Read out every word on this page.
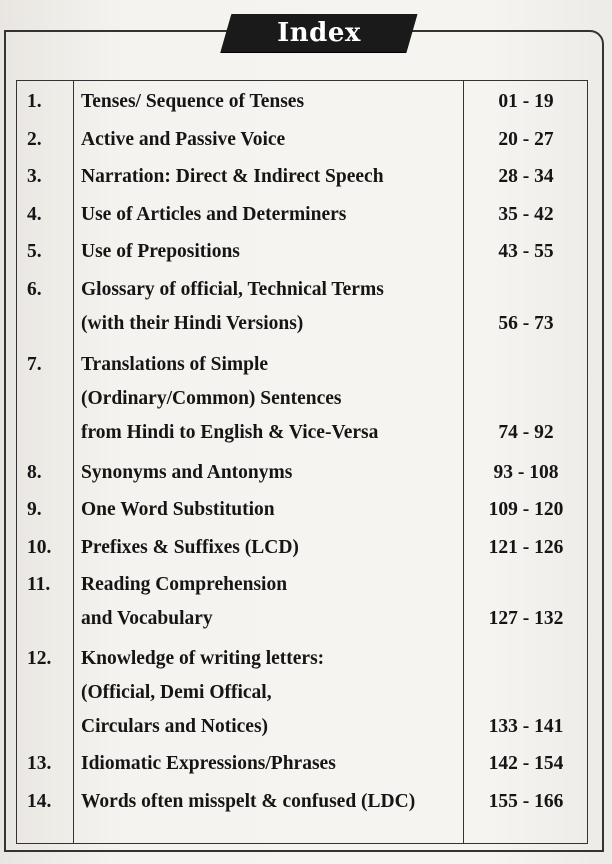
Index
1.	Tenses/ Sequence of Tenses	01 - 19
2.	Active and Passive Voice	20 - 27
3.	Narration: Direct & Indirect Speech	28 - 34
4.	Use of Articles and Determiners	35 - 42
5.	Use of Prepositions	43 - 55
6.	Glossary of official, Technical Terms
(with their Hindi Versions)	56 - 73
7.	Translations of Simple
(Ordinary/Common) Sentences
from Hindi to English & Vice-Versa	74 - 92
8.	Synonyms and Antonyms	93 - 108
9.	One Word Substitution	109 - 120
10.	Prefixes & Suffixes (LCD)	121 - 126
11.	Reading Comprehension
and Vocabulary	127 - 132
12.	Knowledge of writing letters:
(Official, Demi Offical,
Circulars and Notices)	133 - 141
13.	Idiomatic Expressions/Phrases	142 - 154
14.	Words often misspelt & confused (LDC)	155 - 166
